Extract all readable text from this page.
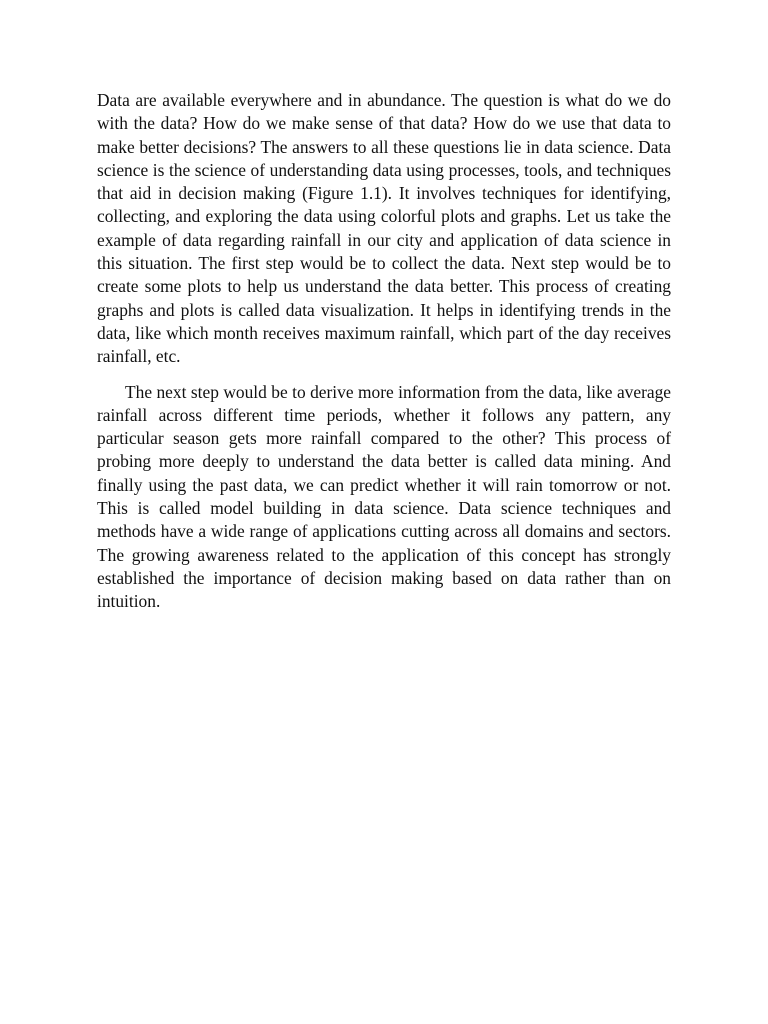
Data are available everywhere and in abundance. The question is what do we do with the data? How do we make sense of that data? How do we use that data to make better decisions? The answers to all these questions lie in data science. Data science is the science of understanding data using processes, tools, and techniques that aid in decision making (Figure 1.1). It involves techniques for identifying, collecting, and exploring the data using colorful plots and graphs. Let us take the example of data regarding rainfall in our city and application of data science in this situation. The first step would be to collect the data. Next step would be to create some plots to help us understand the data better. This process of creating graphs and plots is called data visualization. It helps in identifying trends in the data, like which month receives maximum rainfall, which part of the day receives rainfall, etc.

The next step would be to derive more information from the data, like average rainfall across different time periods, whether it follows any pattern, any particular season gets more rainfall compared to the other? This process of probing more deeply to understand the data better is called data mining. And finally using the past data, we can predict whether it will rain tomorrow or not. This is called model building in data science. Data science techniques and methods have a wide range of applications cutting across all domains and sectors. The growing awareness related to the application of this concept has strongly established the importance of decision making based on data rather than on intuition.
